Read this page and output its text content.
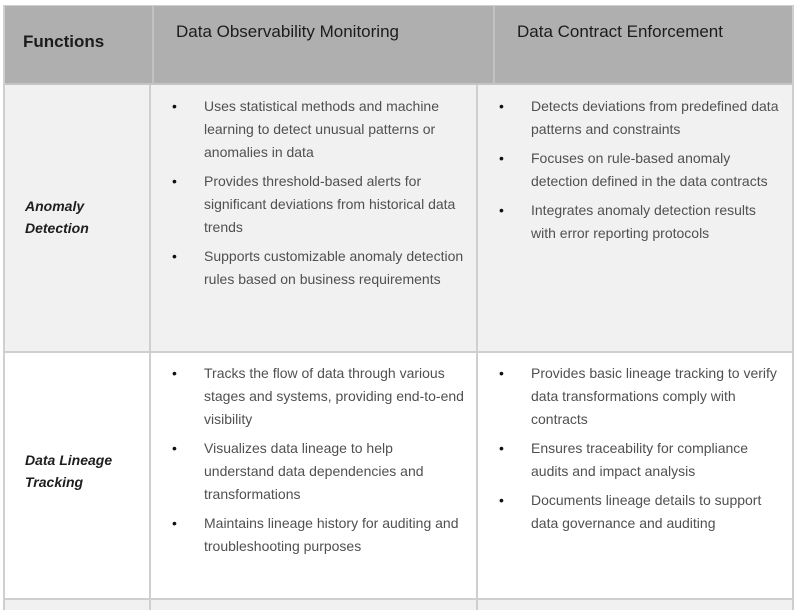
Functions
Data Observability Monitoring	Data Contract Enforcement
Anomaly Detection
• Uses statistical methods and machine learning to detect unusual patterns or anomalies in data
• Provides threshold-based alerts for significant deviations from historical data trends
• Supports customizable anomaly detection rules based on business requirements
• Detects deviations from predefined data patterns and constraints
• Focuses on rule-based anomaly detection defined in the data contracts
• Integrates anomaly detection results with error reporting protocols
Data Lineage Tracking
• Tracks the flow of data through various stages and systems, providing end-to-end visibility
• Visualizes data lineage to help understand data dependencies and transformations
• Maintains lineage history for auditing and troubleshooting purposes
• Provides basic lineage tracking to verify data transformations comply with contracts
• Ensures traceability for compliance audits and impact analysis
• Documents lineage details to support data governance and auditing
